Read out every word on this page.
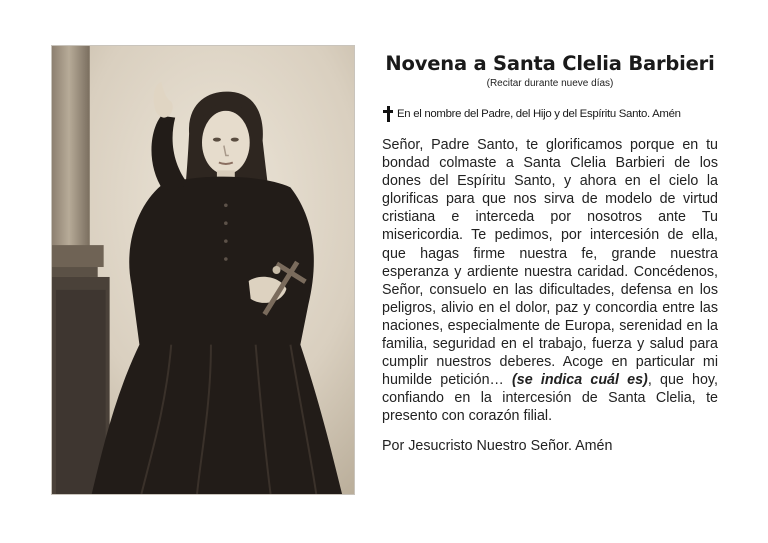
Novena a Santa Clelia Barbieri
(Recitar durante nueve días)
En el nombre del Padre, del Hijo y del Espíritu Santo. Amén
Señor, Padre Santo, te glorificamos porque en tu bondad colmaste a Santa Clelia Barbieri de los dones del Espíritu Santo, y ahora en el cielo la glorificas para que nos sirva de modelo de virtud cristiana e interceda por nosotros ante Tu misericordia. Te pedimos, por intercesión de ella, que hagas firme nuestra fe, grande nuestra esperanza y ardiente nuestra caridad. Concédenos, Señor, consuelo en las dificultades, defensa en los peligros, alivio en el dolor, paz y concordia entre las naciones, especialmente de Europa, serenidad en la familia, seguridad en el trabajo, fuerza y salud para cumplir nuestros deberes. Acoge en particular mi humilde petición… (se indica cuál es), que hoy, confiando en la intercesión de Santa Clelia, te presento con corazón filial.
Por Jesucristo Nuestro Señor. Amén
